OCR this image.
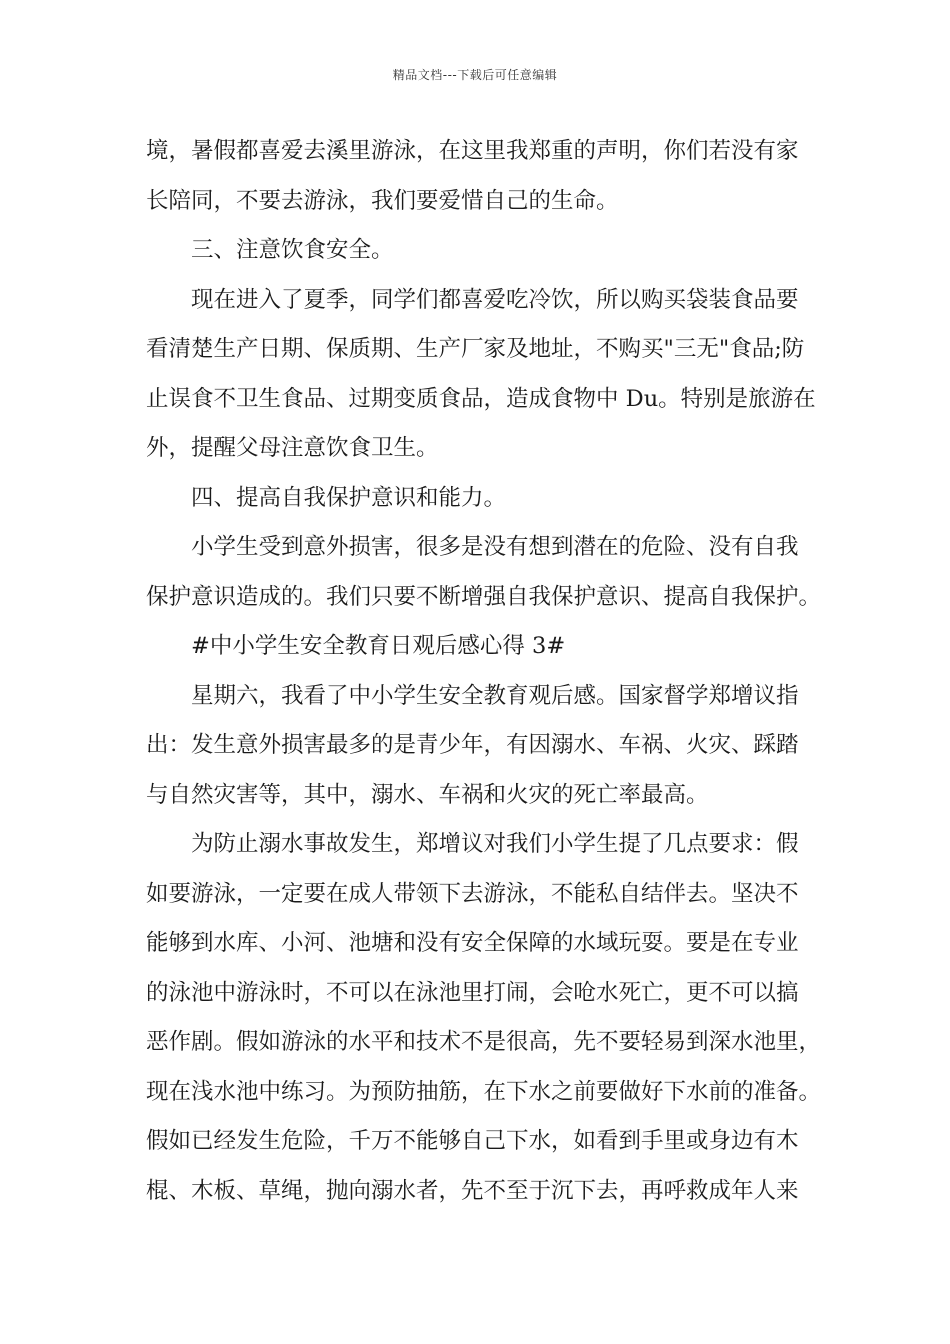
精品文档---下载后可任意编辑
境，暑假都喜爱去溪里游泳，在这里我郑重的声明，你们若没有家
长陪同，不要去游泳，我们要爱惜自己的生命。
三、注意饮食安全。
现在进入了夏季，同学们都喜爱吃冷饮，所以购买袋装食品要
看清楚生产日期、保质期、生产厂家及地址，不购买"三无"食品;防
止误食不卫生食品、过期变质食品，造成食物中 Du。特别是旅游在
外，提醒父母注意饮食卫生。
四、提高自我保护意识和能力。
小学生受到意外损害，很多是没有想到潜在的危险、没有自我
保护意识造成的。我们只要不断增强自我保护意识、提高自我保护。
#中小学生安全教育日观后感心得 3#
星期六，我看了中小学生安全教育观后感。国家督学郑增议指
出：发生意外损害最多的是青少年，有因溺水、车祸、火灾、踩踏
与自然灾害等，其中，溺水、车祸和火灾的死亡率最高。
为防止溺水事故发生，郑增议对我们小学生提了几点要求：假
如要游泳，一定要在成人带领下去游泳，不能私自结伴去。坚决不
能够到水库、小河、池塘和没有安全保障的水域玩耍。要是在专业
的泳池中游泳时，不可以在泳池里打闹，会呛水死亡，更不可以搞
恶作剧。假如游泳的水平和技术不是很高，先不要轻易到深水池里，
现在浅水池中练习。为预防抽筋，在下水之前要做好下水前的准备。
假如已经发生危险，千万不能够自己下水，如看到手里或身边有木
棍、木板、草绳，抛向溺水者，先不至于沉下去，再呼救成年人来
